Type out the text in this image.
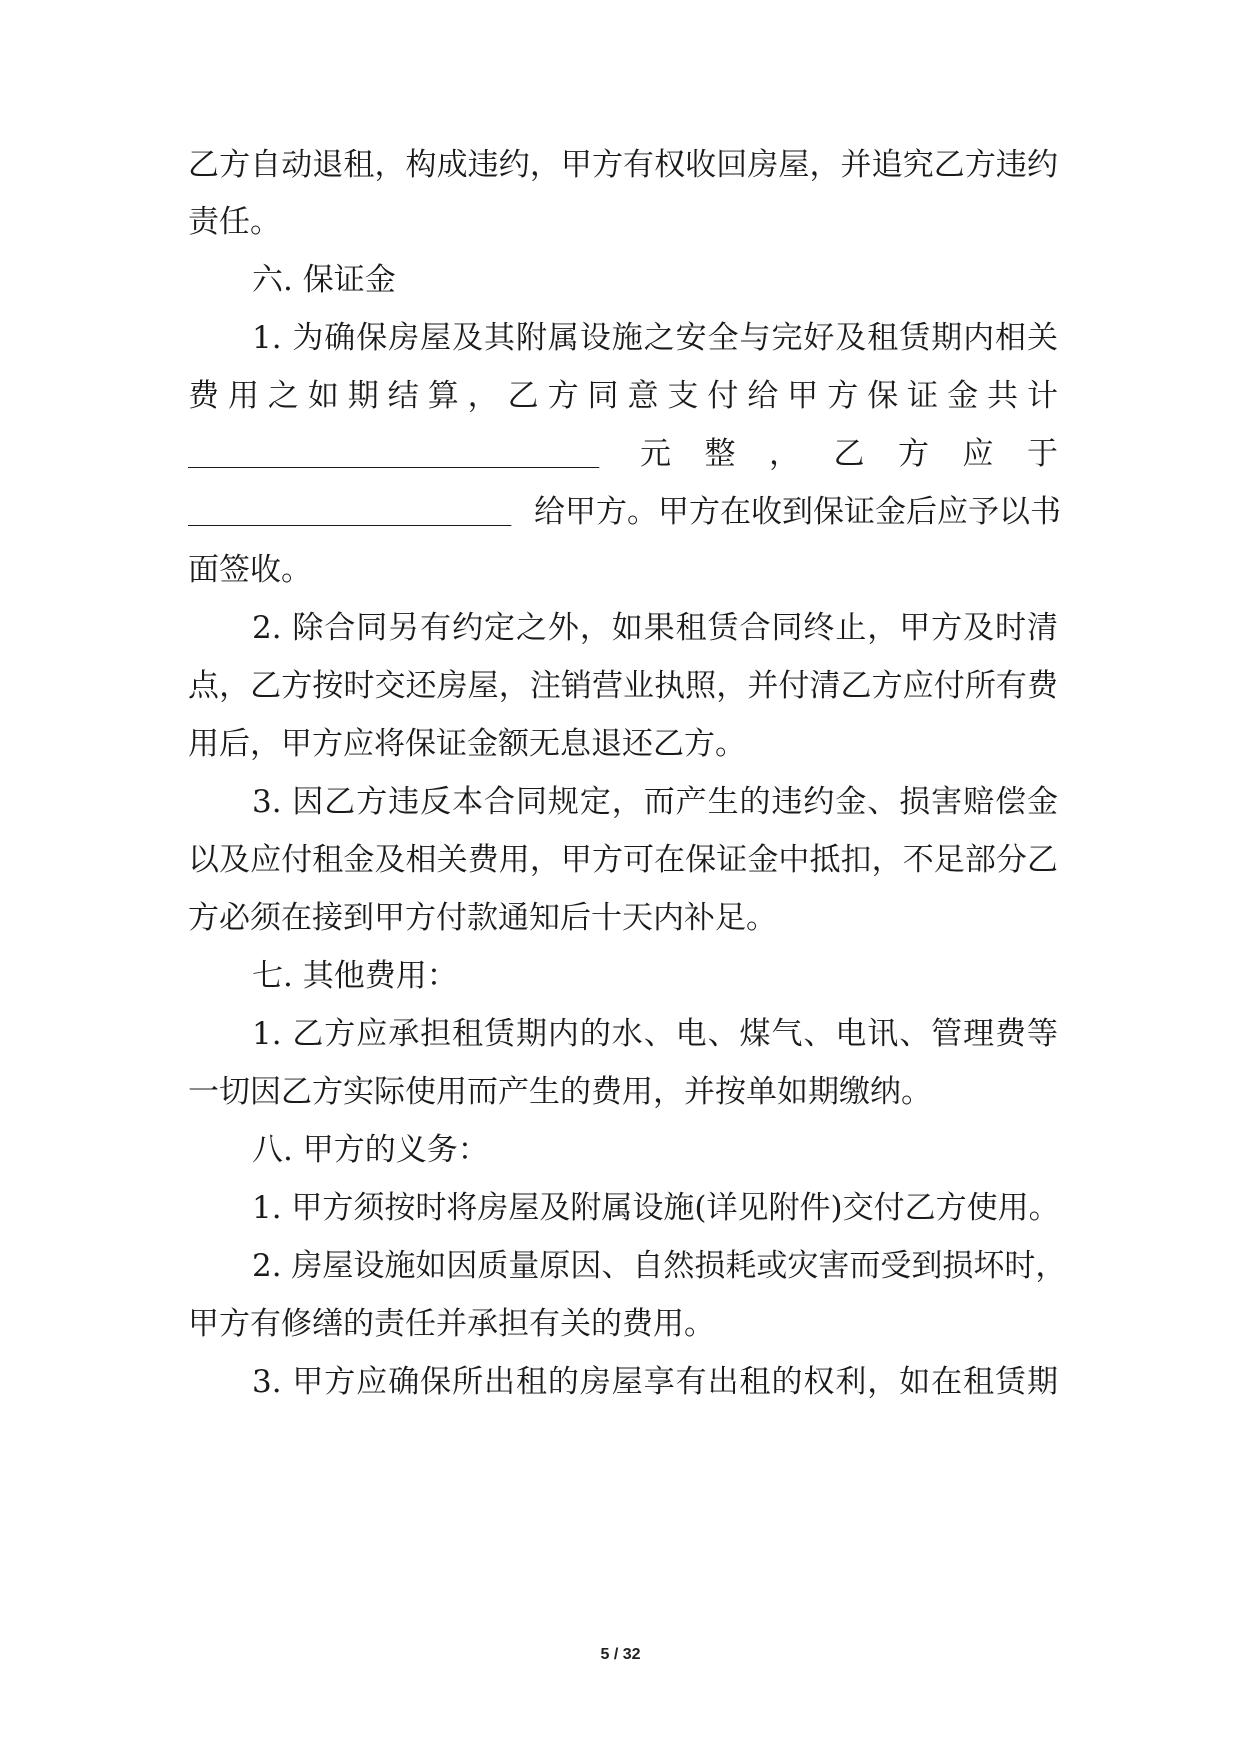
乙方自动退租，构成违约，甲方有权收回房屋，并追究乙方违约
责任。
六. 保证金
1. 为确保房屋及其附属设施之安全与完好及租赁期内相关
费用之如期结算，乙方同意支付给甲方保证金共计
____________________________ 元 整 ， 乙 方 应 于
______________________ 给甲方。甲方在收到保证金后应予以书
面签收。
2. 除合同另有约定之外，如果租赁合同终止，甲方及时清
点，乙方按时交还房屋，注销营业执照，并付清乙方应付所有费
用后，甲方应将保证金额无息退还乙方。
3. 因乙方违反本合同规定，而产生的违约金、损害赔偿金
以及应付租金及相关费用，甲方可在保证金中抵扣，不足部分乙
方必须在接到甲方付款通知后十天内补足。
七. 其他费用：
1. 乙方应承担租赁期内的水、电、煤气、电讯、管理费等
一切因乙方实际使用而产生的费用，并按单如期缴纳。
八. 甲方的义务：
1. 甲方须按时将房屋及附属设施(详见附件)交付乙方使用。
2. 房屋设施如因质量原因、自然损耗或灾害而受到损坏时，
甲方有修缮的责任并承担有关的费用。
3. 甲方应确保所出租的房屋享有出租的权利，如在租赁期
5 / 32
